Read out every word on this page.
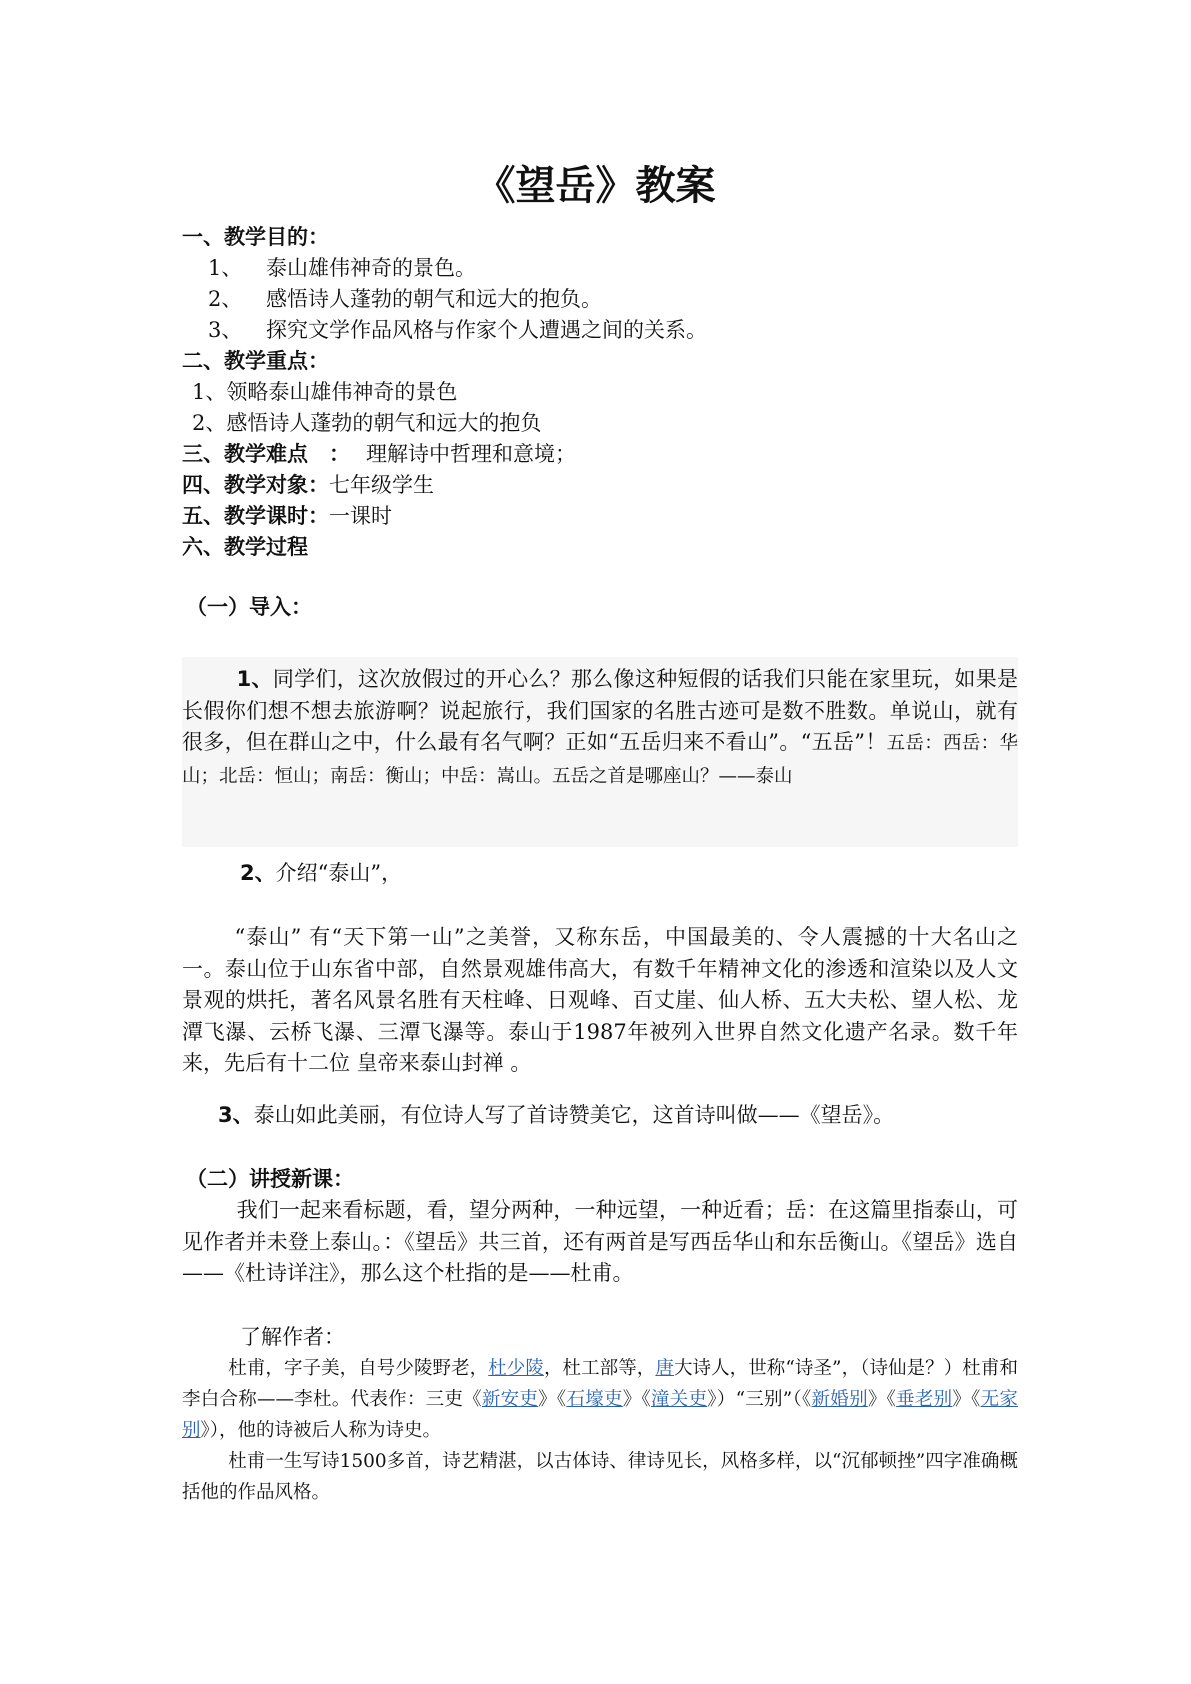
《望岳》教案
一、教学目的：
1、 泰山雄伟神奇的景色。
2、 感悟诗人蓬勃的朝气和远大的抱负。
3、 探究文学作品风格与作家个人遭遇之间的关系。
二、教学重点：
1、领略泰山雄伟神奇的景色
2、感悟诗人蓬勃的朝气和远大的抱负
三、教学难点　： 理解诗中哲理和意境；
四、教学对象：七年级学生
五、教学课时：一课时
六、教学过程
（一）导入：
1、同学们，这次放假过的开心么？那么像这种短假的话我们只能在家里玩，如果是长假你们想不想去旅游啊？说起旅行，我们国家的名胜古迹可是数不胜数。单说山，就有很多，但在群山之中，什么最有名气啊？正如“五岳归来不看山”。“五岳”！五岳：西岳：华山；北岳：恒山；南岳：衡山；中岳：嵩山。五岳之首是哪座山？——泰山
2、介绍“泰山”，
“泰山” 有“天下第一山”之美誉，又称东岳，中国最美的、令人震撼的十大名山之一。泰山位于山东省中部，自然景观雄伟高大，有数千年精神文化的渗透和渲染以及人文景观的烘托，著名风景名胜有天柱峰、日观峰、百丈崖、仙人桥、五大夫松、望人松、龙潭飞瀑、云桥飞瀑、三潭飞瀑等。泰山于1987年被列入世界自然文化遗产名录。数千年来，先后有十二位 皇帝来泰山封禅 。
3、泰山如此美丽，有位诗人写了首诗赞美它，这首诗叫做——《望岳》。
（二）讲授新课：
我们一起来看标题，看，望分两种，一种远望，一种近看；岳：在这篇里指泰山，可见作者并未登上泰山。：《望岳》共三首，还有两首是写西岳华山和东岳衡山。《望岳》选自——《杜诗详注》，那么这个杜指的是——杜甫。
了解作者：
杜甫，字子美，自号少陵野老，杜少陵，杜工部等，唐大诗人，世称“诗圣”，（诗仙是？）杜甫和李白合称——李杜。代表作：三吏《新安吏》《石壕吏》《潼关吏》）“三别”（《新婚别》《垂老别》《无家别》），他的诗被后人称为诗史。
杜甫一生写诗1500多首，诗艺精湛，以古体诗、律诗见长，风格多样，以“沉郁顿挫”四字准确概括他的作品风格。
